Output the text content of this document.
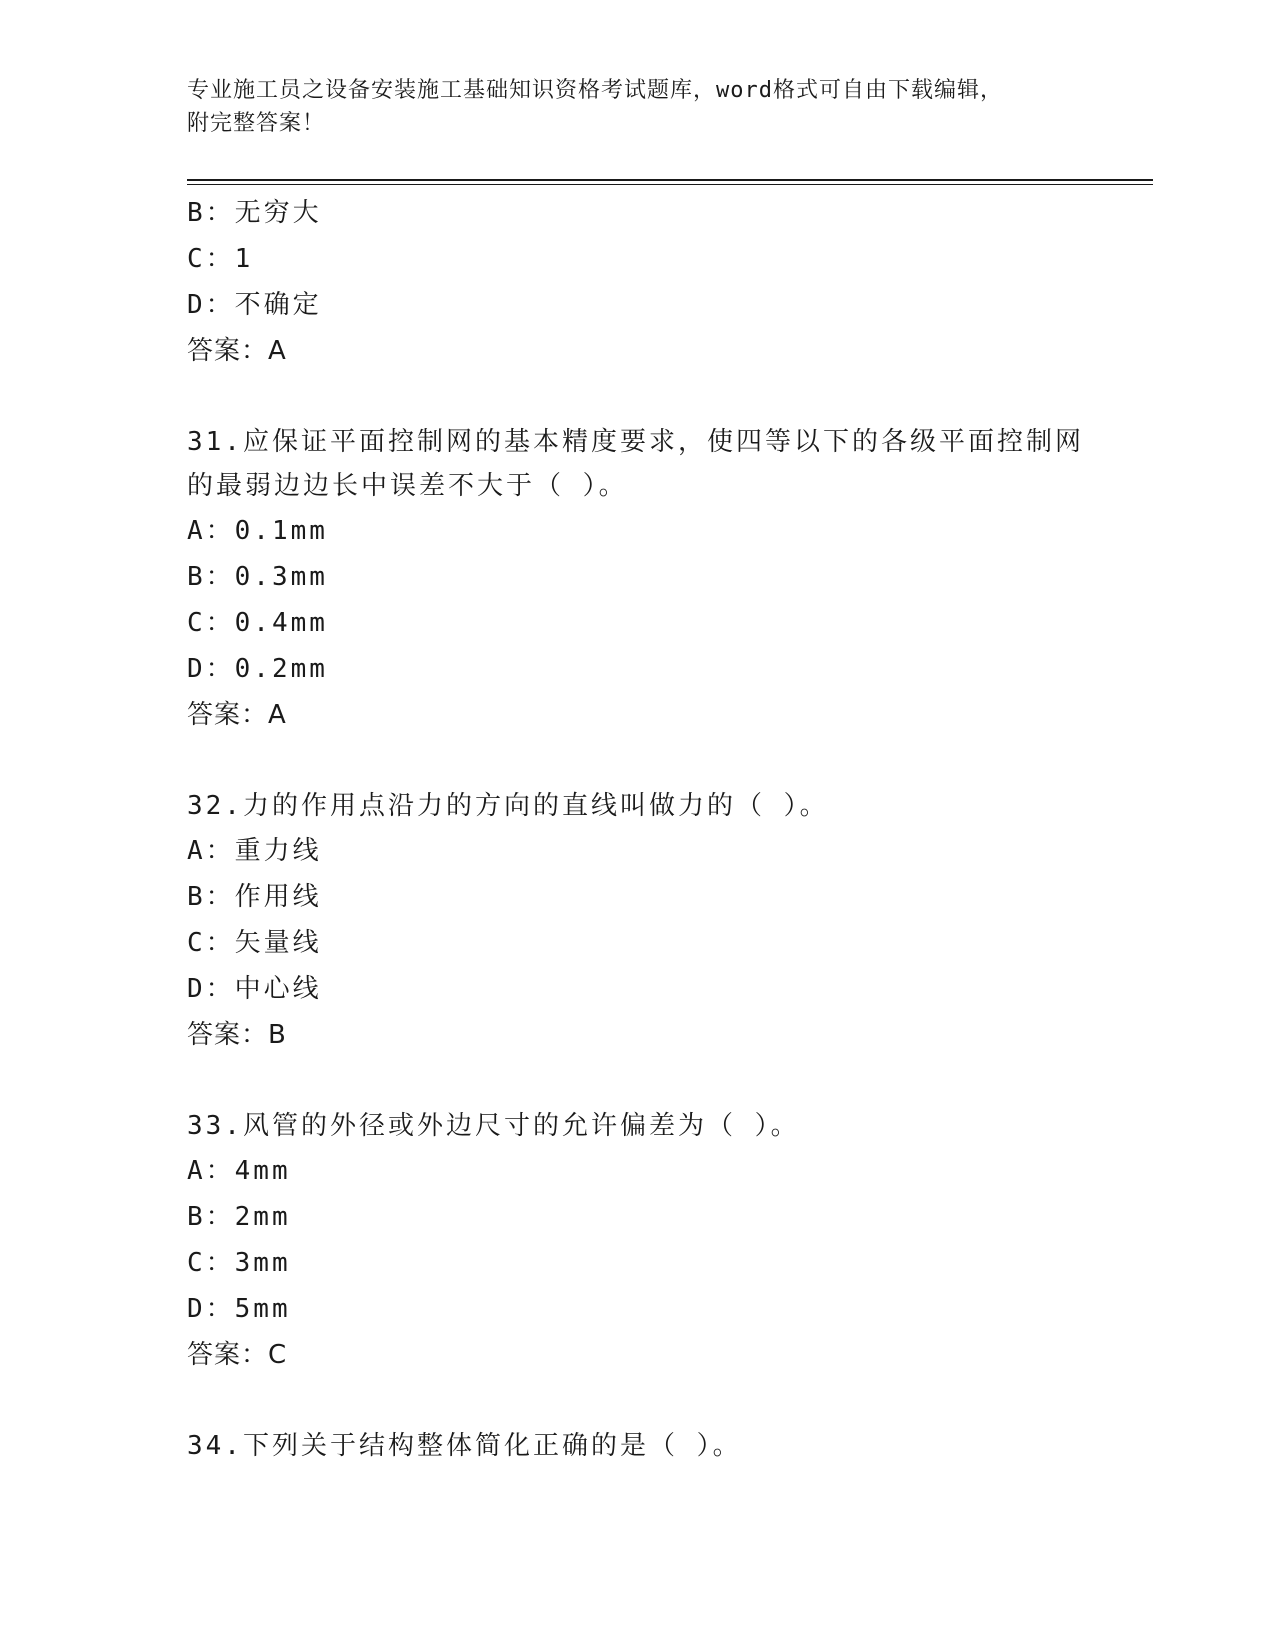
专业施工员之设备安装施工基础知识资格考试题库，word格式可自由下载编辑，
附完整答案！
B：无穷大
C：1
D：不确定
答案：A
31.应保证平面控制网的基本精度要求，使四等以下的各级平面控制网
的最弱边边长中误差不大于（ ）。
A：0.1mm
B：0.3mm
C：0.4mm
D：0.2mm
答案：A
32.力的作用点沿力的方向的直线叫做力的（ ）。
A：重力线
B：作用线
C：矢量线
D：中心线
答案：B
33.风管的外径或外边尺寸的允许偏差为（ ）。
A：4mm
B：2mm
C：3mm
D：5mm
答案：C
34.下列关于结构整体简化正确的是（ ）。
